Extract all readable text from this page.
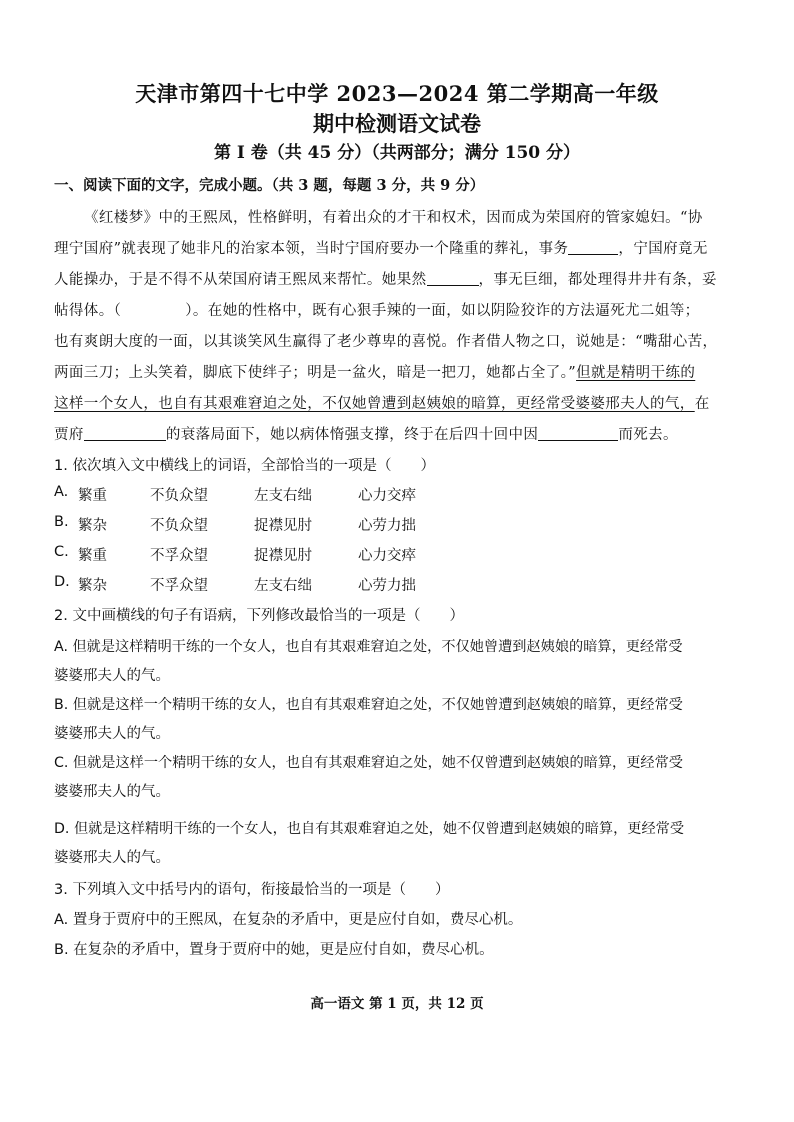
天津市第四十七中学 2023—2024 第二学期高一年级
期中检测语文试卷
第 I 卷（共 45 分）（共两部分；满分 150 分）
一、阅读下面的文字，完成小题。（共 3 题，每题 3 分，共 9 分）
《红楼梦》中的王熙凤，性格鲜明，有着出众的才干和权术，因而成为荣国府的管家媳妇。“协
理宁国府”就表现了她非凡的治家本领，当时宁国府要办一个隆重的葬礼，事务	，宁国府竟无
人能操办，于是不得不从荣国府请王熙凤来帮忙。她果然	，事无巨细，都处理得井井有条，妥
帖得体。（	）。在她的性格中，既有心狠手辣的一面，如以阴险狡诈的方法逼死尤二姐等；
也有爽朗大度的一面，以其谈笑风生赢得了老少尊卑的喜悦。作者借人物之口，说她是：“嘴甜心苦，
两面三刀；上头笑着，脚底下使绊子；明是一盆火，暗是一把刀，她都占全了。”但就是精明干练的
这样一个女人，也自有其艰难窘迫之处，不仅她曾遭到赵姨娘的暗算，更经常受婆婆邢夫人的气，在
贾府	的衰落局面下，她以病体惰强支撑，终于在后四十回中因	而死去。
1. 依次填入文中横线上的词语，全部恰当的一项是（　　）
A. 繁重	不负众望	左支右绌	心力交瘁
B. 繁杂	不负众望	捉襟见肘	心劳力拙
C. 繁重	不孚众望	捉襟见肘	心力交瘁
D. 繁杂	不孚众望	左支右绌	心劳力拙
2. 文中画横线的句子有语病，下列修改最恰当的一项是（　　）
A. 但就是这样精明干练的一个女人，也自有其艰难窘迫之处，不仅她曾遭到赵姨娘的暗算，更经常受
婆婆邢夫人的气。
B. 但就是这样一个精明干练的女人，也自有其艰难窘迫之处，不仅她曾遭到赵姨娘的暗算，更经常受
婆婆邢夫人的气。
C. 但就是这样一个精明干练的女人，也自有其艰难窘迫之处，她不仅曾遭到赵姨娘的暗算，更经常受
婆婆邢夫人的气。
D. 但就是这样精明干练的一个女人，也自有其艰难窘迫之处，她不仅曾遭到赵姨娘的暗算，更经常受
婆婆邢夫人的气。
3. 下列填入文中括号内的语句，衔接最恰当的一项是（　　）
A. 置身于贾府中的王熙凤，在复杂的矛盾中，更是应付自如，费尽心机。
B. 在复杂的矛盾中，置身于贾府中的她，更是应付自如，费尽心机。
高一语文 第 1 页，共 12 页
